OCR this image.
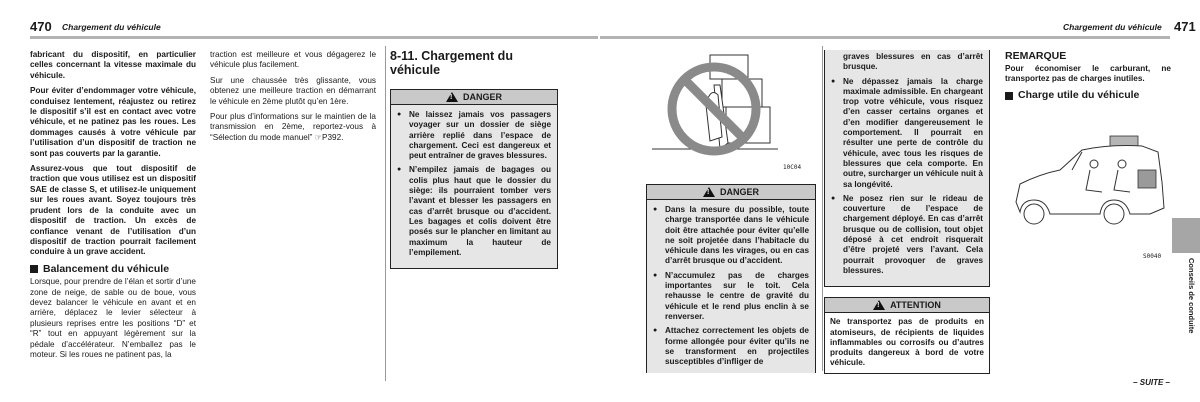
470 Chargement du véhicule

fabricant du dispositif, en particulier celles concernant la vitesse maximale du véhicule.

Pour éviter d’endommager votre véhicule, conduisez lentement, réajustez ou retirez le dispositif s’il est en contact avec votre véhicule, et ne patinez pas les roues. Les dommages causés à votre véhicule par l’utilisation d’un dispositif de traction ne sont pas couverts par la garantie.

Assurez-vous que tout dispositif de traction que vous utilisez est un dispositif SAE de classe S, et utilisez-le uniquement sur les roues avant. Soyez toujours très prudent lors de la conduite avec un dispositif de traction. Un excès de confiance venant de l’utilisation d’un dispositif de traction pourrait facilement conduire à un grave accident.

Balancement du véhicule

Lorsque, pour prendre de l’élan et sortir d’une zone de neige, de sable ou de boue, vous devez balancer le véhicule en avant et en arrière, déplacez le levier sélecteur à plusieurs reprises entre les positions “D” et “R” tout en appuyant légèrement sur la pédale d’accélérateur. N’emballez pas le moteur. Si les roues ne patinent pas, la

traction est meilleure et vous dégagerez le véhicule plus facilement.

Sur une chaussée très glissante, vous obtenez une meilleure traction en démarrant le véhicule en 2ème plutôt qu’en 1ère.

Pour plus d’informations sur le maintien de la transmission en 2ème, reportez-vous à “Sélection du mode manuel” ☞P392.

8-11. Chargement du véhicule
!
DANGER
● Ne laissez jamais vos passagers voyager sur un dossier de siège arrière replié dans l’espace de chargement. Ceci est dangereux et peut entraîner de graves blessures.
● N’empilez jamais de bagages ou colis plus haut que le dossier du siège: ils pourraient tomber vers l’avant et blesser les passagers en cas d’arrêt brusque ou d’accident. Les bagages et colis doivent être posés sur le plancher en limitant au maximum la hauteur de l’empilement.
Chargement du véhicule 471
10C04
!
DANGER
● Dans la mesure du possible, toute charge transportée dans le véhicule doit être attachée pour éviter qu’elle ne soit projetée dans l’habitacle du véhicule dans les virages, ou en cas d’arrêt brusque ou d’accident.
● N’accumulez pas de charges importantes sur le toit. Cela rehausse le centre de gravité du véhicule et le rend plus enclin à se renverser.
● Attachez correctement les objets de forme allongée pour éviter qu’ils ne se transforment en projectiles susceptibles d’infliger de

graves blessures en cas d’arrêt brusque.

● Ne dépassez jamais la charge maximale admissible. En chargeant trop votre véhicule, vous risquez d’en casser certains organes et d’en modifier dangereusement le comportement. Il pourrait en résulter une perte de contrôle du véhicule, avec tous les risques de blessures que cela comporte. En outre, surcharger un véhicule nuit à sa longévité.
● Ne posez rien sur le rideau de couverture de l’espace de chargement déployé. En cas d’arrêt brusque ou de collision, tout objet déposé à cet endroit risquerait d’être projeté vers l’avant. Cela pourrait provoquer de graves blessures.
!
ATTENTION
Ne transportez pas de produits en atomiseurs, de récipients de liquides inflammables ou corrosifs ou d’autres produits dangereux à bord de votre véhicule.
REMARQUE

Pour économiser le carburant, ne transportez pas de charges inutiles.

Charge utile du véhicule
S0040
Conseils de conduite
– SUITE –
